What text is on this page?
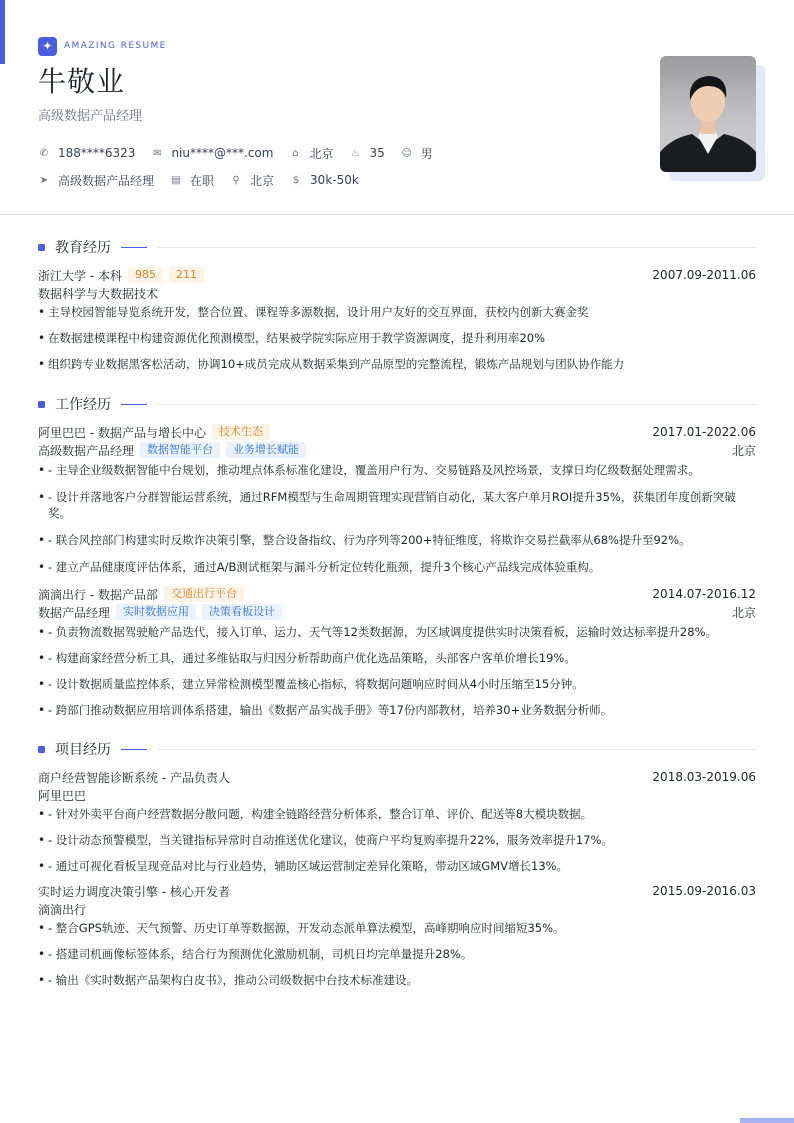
✦	AMAZING RESUME
牛敬业
高级数据产品经理
✆ 188****6323 ✉ niu****@***.com ⌂ 北京 ♨ 35 ☺ 男
➤ 高级数据产品经理 ▤ 在职 ⚲ 北京 $ 30k-50k
教育经历
浙江大学 - 本科	985	211	2007.09-2011.06
数据科学与大数据技术
• 主导校园智能导览系统开发，整合位置、课程等多源数据，设计用户友好的交互界面，获校内创新大赛金奖
• 在数据建模课程中构建资源优化预测模型，结果被学院实际应用于教学资源调度，提升利用率20%
• 组织跨专业数据黑客松活动，协调10+成员完成从数据采集到产品原型的完整流程，锻炼产品规划与团队协作能力
工作经历
阿里巴巴 - 数据产品与增长中心	技术生态	2017.01-2022.06
高级数据产品经理	数据智能平台	业务增长赋能	北京
• - 主导企业级数据智能中台规划，推动埋点体系标准化建设，覆盖用户行为、交易链路及风控场景，支撑日均亿级数据处理需求。
• - 设计并落地客户分群智能运营系统，通过RFM模型与生命周期管理实现营销自动化，某大客户单月ROI提升35%，获集团年度创新突破奖。
• - 联合风控部门构建实时反欺诈决策引擎，整合设备指纹、行为序列等200+特征维度，将欺诈交易拦截率从68%提升至92%。
• - 建立产品健康度评估体系，通过A/B测试框架与漏斗分析定位转化瓶颈，提升3个核心产品线完成体验重构。
滴滴出行 - 数据产品部	交通出行平台	2014.07-2016.12
数据产品经理	实时数据应用	决策看板设计	北京
• - 负责物流数据驾驶舱产品迭代，接入订单、运力、天气等12类数据源，为区域调度提供实时决策看板，运输时效达标率提升28%。
• - 构建商家经营分析工具，通过多维钻取与归因分析帮助商户优化选品策略，头部客户客单价增长19%。
• - 设计数据质量监控体系，建立异常检测模型覆盖核心指标，将数据问题响应时间从4小时压缩至15分钟。
• - 跨部门推动数据应用培训体系搭建，输出《数据产品实战手册》等17份内部教材，培养30+业务数据分析师。
项目经历
商户经营智能诊断系统 - 产品负责人	2018.03-2019.06
阿里巴巴
• - 针对外卖平台商户经营数据分散问题，构建全链路经营分析体系，整合订单、评价、配送等8大模块数据。
• - 设计动态预警模型，当关键指标异常时自动推送优化建议，使商户平均复购率提升22%，服务效率提升17%。
• - 通过可视化看板呈现竞品对比与行业趋势，辅助区域运营制定差异化策略，带动区域GMV增长13%。
实时运力调度决策引擎 - 核心开发者	2015.09-2016.03
滴滴出行
• - 整合GPS轨迹、天气预警、历史订单等数据源，开发动态派单算法模型，高峰期响应时间缩短35%。
• - 搭建司机画像标签体系，结合行为预测优化激励机制，司机日均完单量提升28%。
• - 输出《实时数据产品架构白皮书》，推动公司级数据中台技术标准建设。
